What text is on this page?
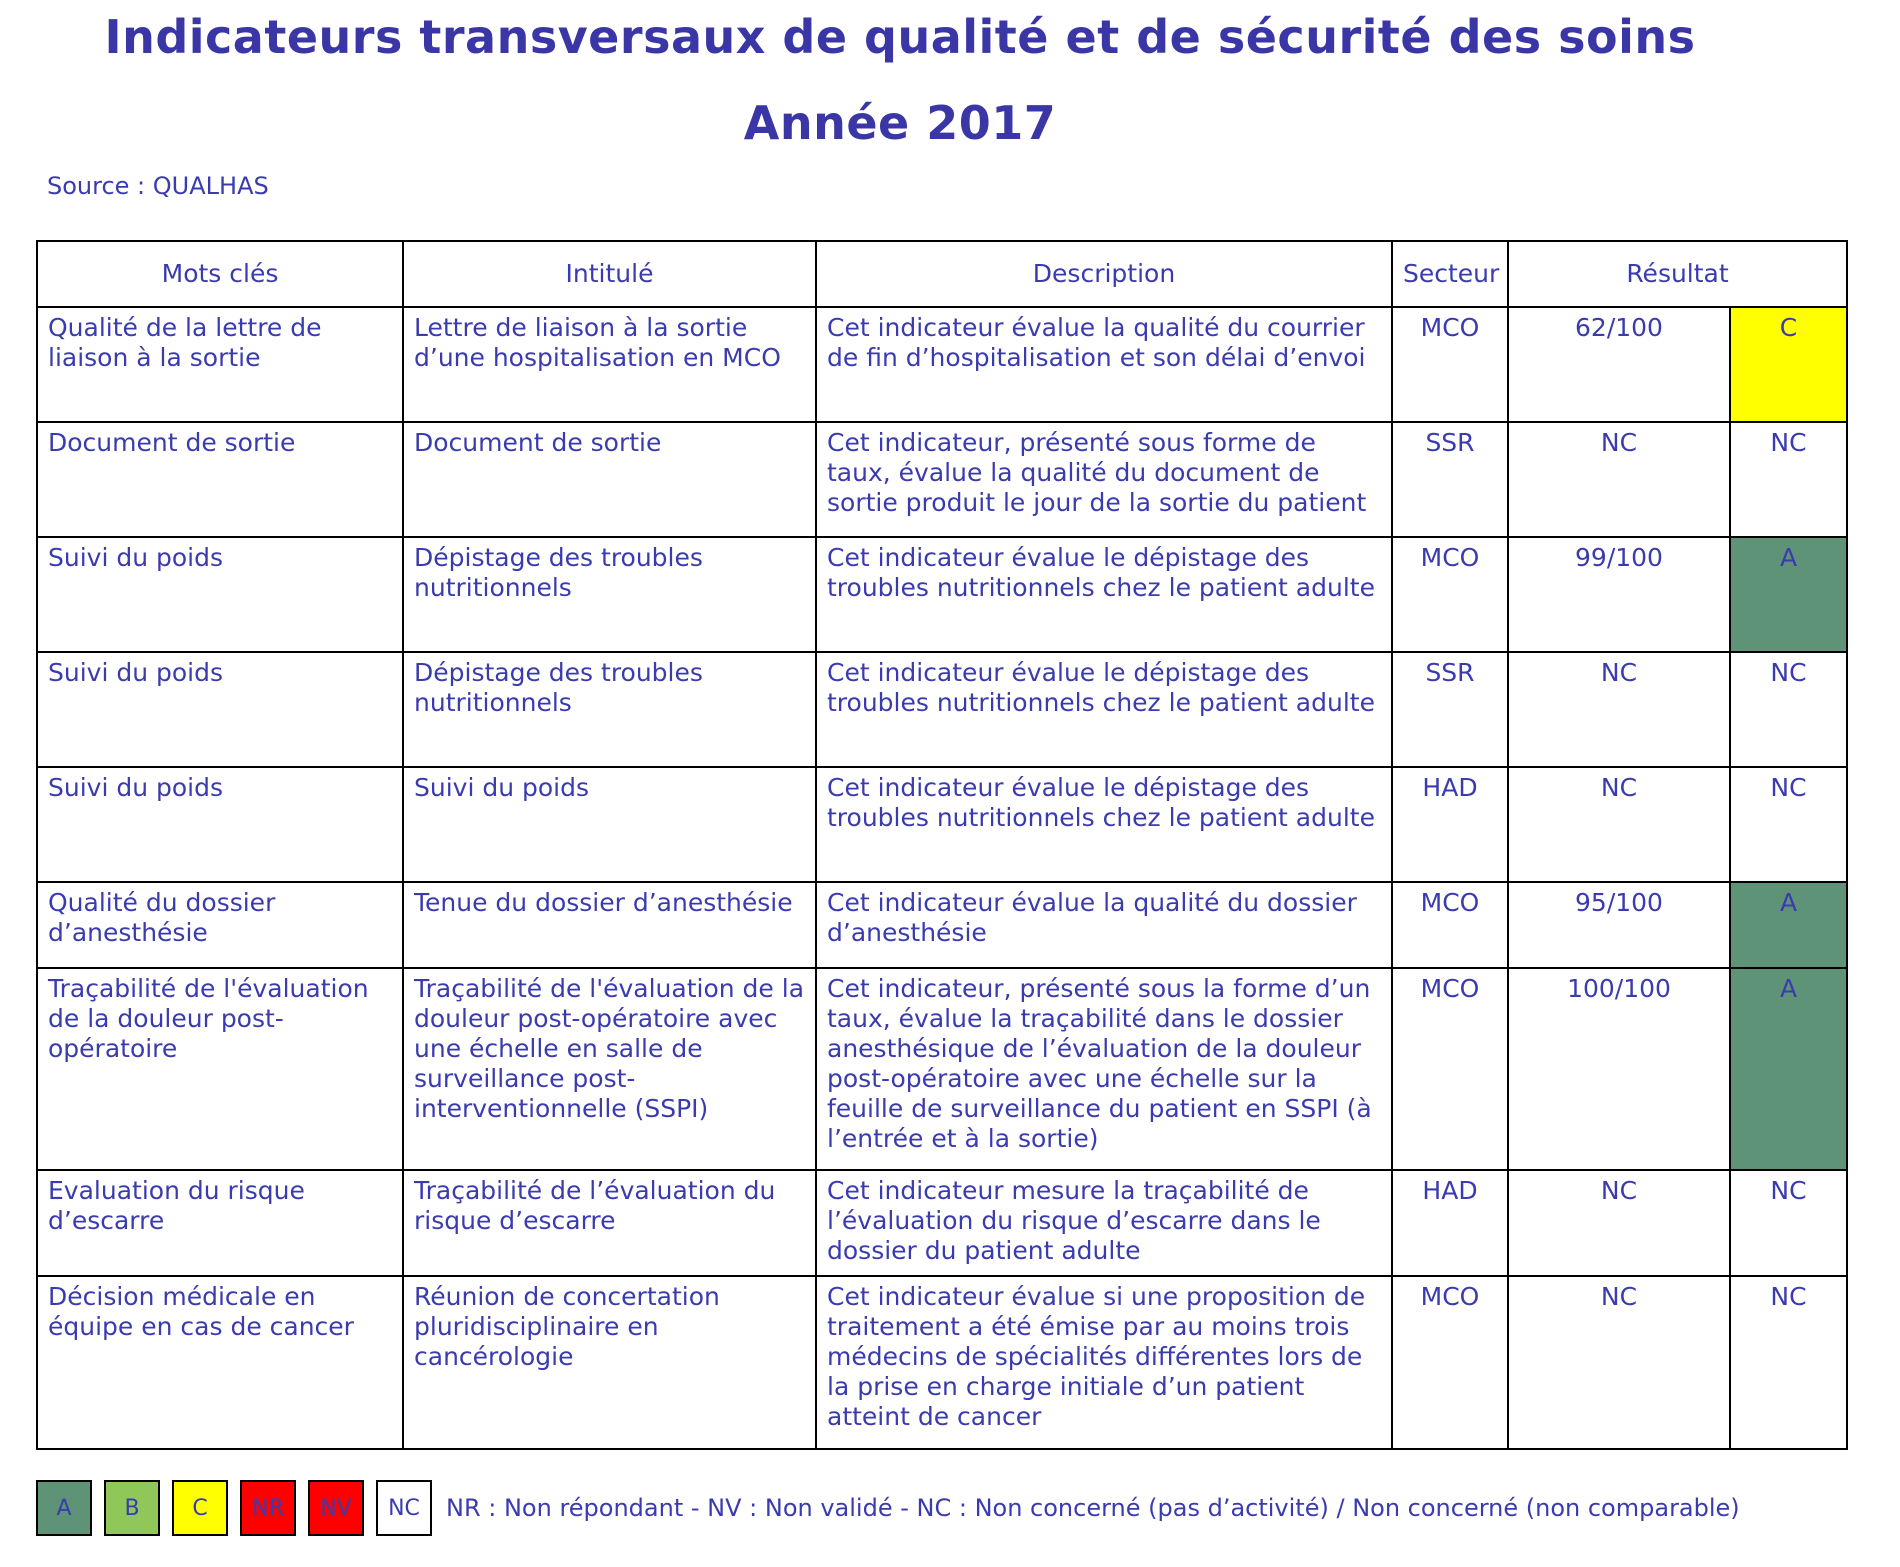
Indicateurs transversaux de qualité et de sécurité des soins
Année 2017
Source : QUALHAS
Mots clés	Intitulé	Description	Secteur	Résultat	
Qualité de la lettre de liaison à la sortie	Lettre de liaison à la sortie d’une hospitalisation en MCO	Cet indicateur évalue la qualité du courrier de fin d’hospitalisation et son délai d’envoi	MCO	62/100	C
Document de sortie	Document de sortie	Cet indicateur, présenté sous forme de taux, évalue la qualité du document de sortie produit le jour de la sortie du patient	SSR	NC	NC
Suivi du poids	Dépistage des troubles nutritionnels	Cet indicateur évalue le dépistage des troubles nutritionnels chez le patient adulte	MCO	99/100	A
Suivi du poids	Dépistage des troubles nutritionnels	Cet indicateur évalue le dépistage des troubles nutritionnels chez le patient adulte	SSR	NC	NC
Suivi du poids	Suivi du poids	Cet indicateur évalue le dépistage des troubles nutritionnels chez le patient adulte	HAD	NC	NC
Qualité du dossier d’anesthésie	Tenue du dossier d’anesthésie	Cet indicateur évalue la qualité du dossier d’anesthésie	MCO	95/100	A
Traçabilité de l'évaluation de la douleur post-opératoire	Traçabilité de l'évaluation de la douleur post-opératoire avec une échelle en salle de surveillance post-interventionnelle (SSPI)	Cet indicateur, présenté sous la forme d’un taux, évalue la traçabilité dans le dossier anesthésique de l’évaluation de la douleur post-opératoire avec une échelle sur la feuille de surveillance du patient en SSPI (à l’entrée et à la sortie)	MCO	100/100	A
Evaluation du risque d’escarre	Traçabilité de l’évaluation du risque d’escarre	Cet indicateur mesure la traçabilité de l’évaluation du risque d’escarre dans le dossier du patient adulte	HAD	NC	NC
Décision médicale en équipe en cas de cancer	Réunion de concertation pluridisciplinaire en cancérologie	Cet indicateur évalue si une proposition de traitement a été émise par au moins trois médecins de spécialités différentes lors de la prise en charge initiale d’un patient atteint de cancer	MCO	NC	NC
A	B	C	NR	NV	NC	NR : Non répondant - NV : Non validé - NC : Non concerné (pas d’activité) / Non concerné (non comparable)
